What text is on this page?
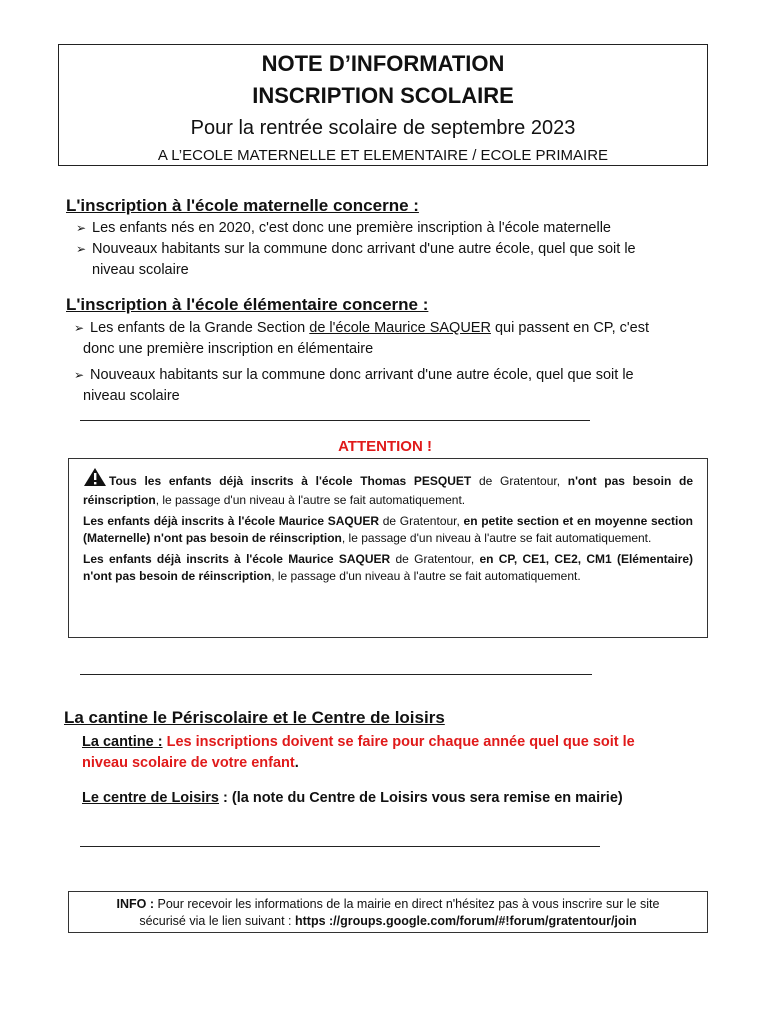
NOTE D’INFORMATION
INSCRIPTION SCOLAIRE
Pour la rentrée scolaire de septembre 2023
A L’ECOLE MATERNELLE ET ELEMENTAIRE / ECOLE PRIMAIRE
L'inscription à l'école maternelle concerne :
➢ Les enfants nés en 2020, c'est donc une première inscription à l'école maternelle
➢ Nouveaux habitants sur la commune donc arrivant d'une autre école, quel que soit le
niveau scolaire
L'inscription à l'école élémentaire concerne :
➢ Les enfants de la Grande Section de l'école Maurice SAQUER qui passent en CP, c'est
donc une première inscription en élémentaire
➢ Nouveaux habitants sur la commune donc arrivant d'une autre école, quel que soit le
niveau scolaire
ATTENTION !

Tous les enfants déjà inscrits à l'école Thomas PESQUET de Gratentour, n'ont pas besoin de réinscription, le passage d'un niveau à l'autre se fait automatiquement.

Les enfants déjà inscrits à l'école Maurice SAQUER de Gratentour, en petite section et en moyenne section (Maternelle) n'ont pas besoin de réinscription, le passage d'un niveau à l'autre se fait automatiquement.

Les enfants déjà inscrits à l'école Maurice SAQUER de Gratentour, en CP, CE1, CE2, CM1 (Elémentaire) n'ont pas besoin de réinscription, le passage d'un niveau à l'autre se fait automatiquement.

La cantine le Périscolaire et le Centre de loisirs
La cantine : Les inscriptions doivent se faire pour chaque année quel que soit le
niveau scolaire de votre enfant.
Le centre de Loisirs : (la note du Centre de Loisirs vous sera remise en mairie)
INFO : Pour recevoir les informations de la mairie en direct n'hésitez pas à vous inscrire sur le site
sécurisé via le lien suivant : https ://groups.google.com/forum/#!forum/gratentour/join
